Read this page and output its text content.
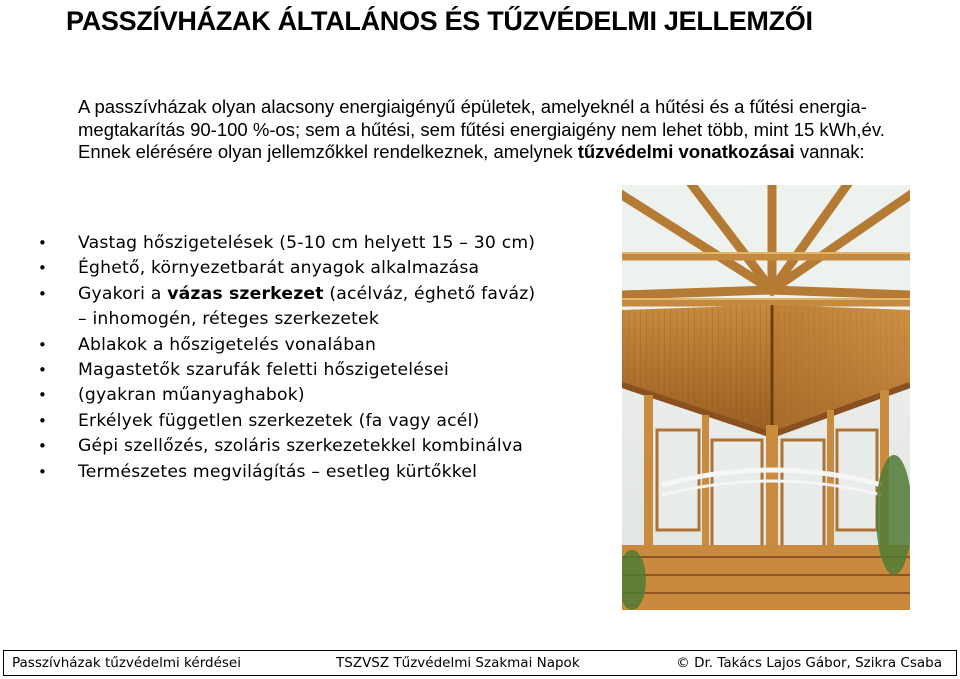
PASSZÍVHÁZAK ÁLTALÁNOS ÉS TŰZVÉDELMI JELLEMZŐI
A passzívházak olyan alacsony energiaigényű épületek, amelyeknél a hűtési és a fűtési energia-megtakarítás 90-100 %-os; sem a hűtési, sem fűtési energiaigény nem lehet több, mint 15 kWh,év. Ennek elérésére olyan jellemzőkkel rendelkeznek, amelynek tűzvédelmi vonatkozásai vannak:
• Vastag hőszigetelések (5-10 cm helyett 15 – 30 cm)
• Éghető, környezetbarát anyagok alkalmazása
• Gyakori a vázas szerkezet (acélváz, éghető faváz)
– inhomogén, réteges szerkezetek
• Ablakok a hőszigetelés vonalában
• Magastetők szarufák feletti hőszigetelései
• (gyakran műanyaghabok)
• Erkélyek független szerkezetek (fa vagy acél)
• Gépi szellőzés, szoláris szerkezetekkel kombinálva
• Természetes megvilágítás – esetleg kürtőkkel
Passzívházak tűzvédelmi kérdései	TSZVSZ Tűzvédelmi Szakmai Napok	© Dr. Takács Lajos Gábor, Szikra Csaba
